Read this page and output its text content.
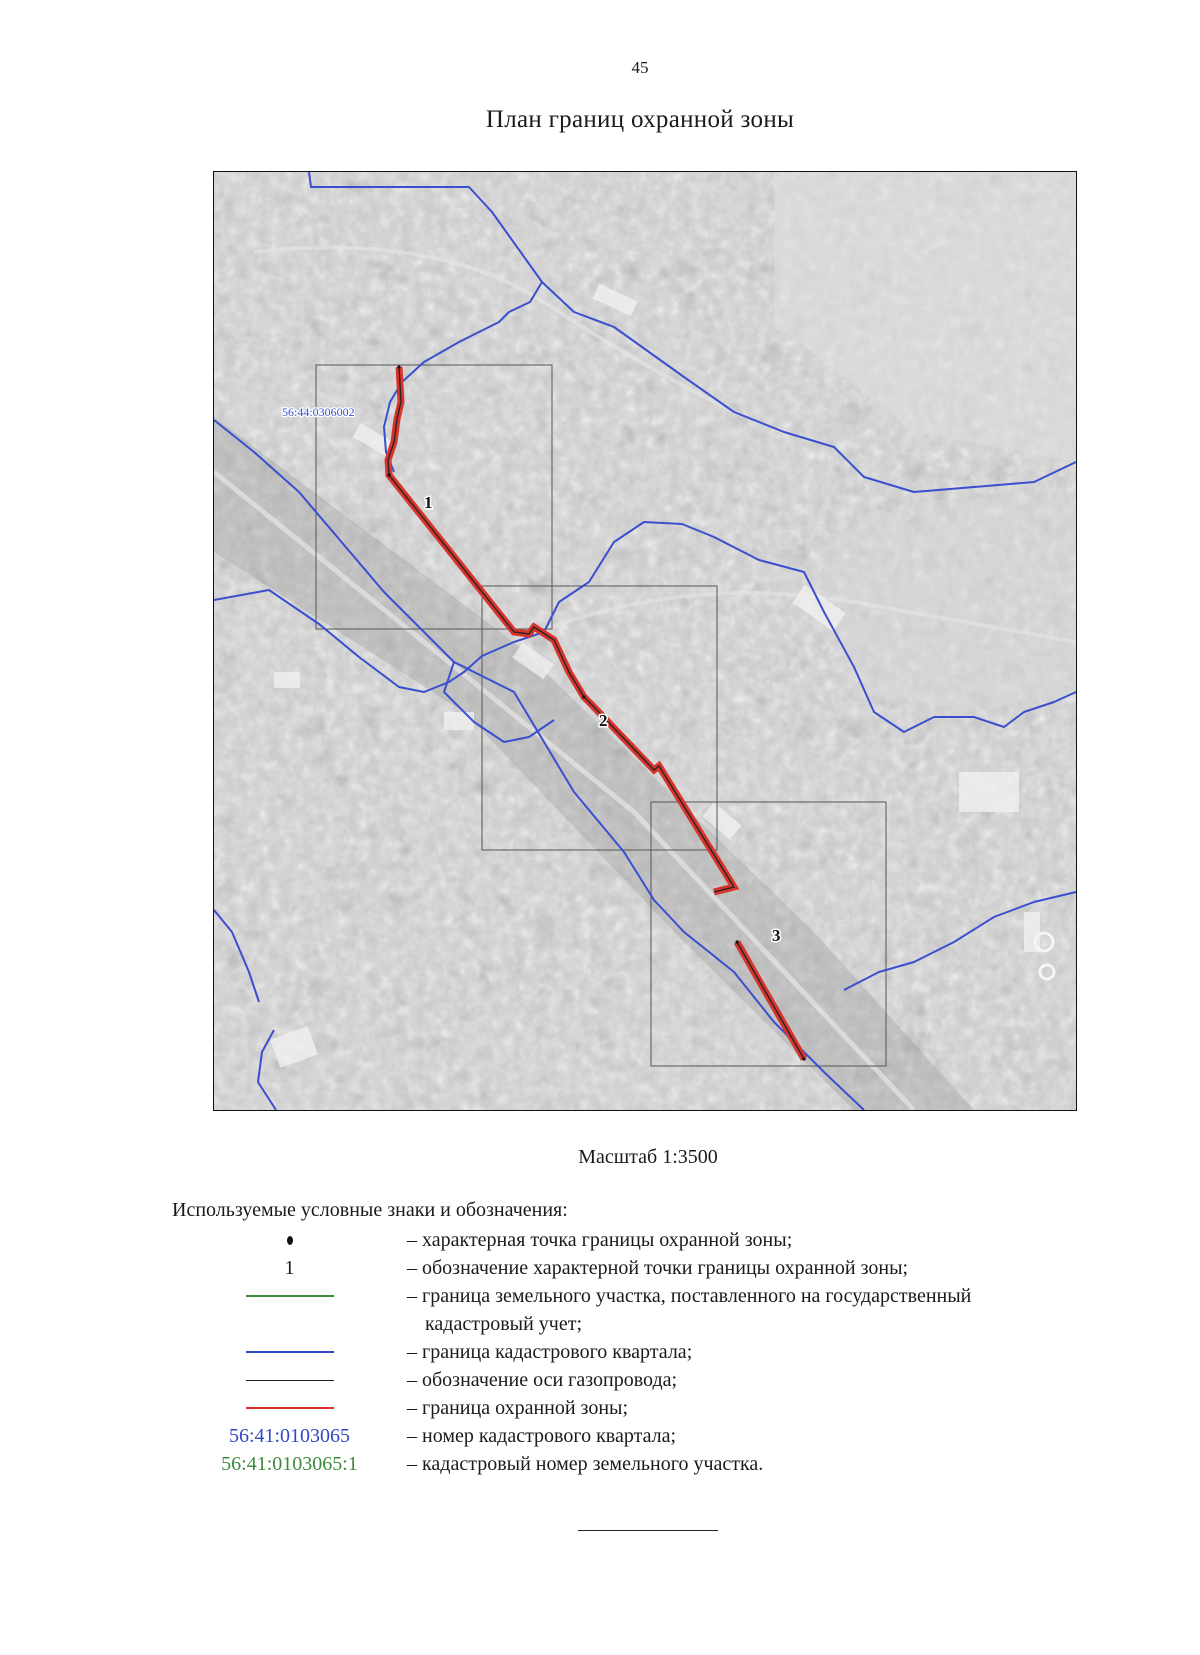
45
План границ охранной зоны
56:44:0306002
1
2
3
Масштаб 1:3500
Используемые условные знаки и обозначения:
– характерная точка границы охранной зоны;
1	– обозначение характерной точки границы охранной зоны;
– граница земельного участка, поставленного на государственный
кадастровый учет;
– граница кадастрового квартала;
– обозначение оси газопровода;
– граница охранной зоны;
56:41:0103065	– номер кадастрового квартала;
56:41:0103065:1	– кадастровый номер земельного участка.
